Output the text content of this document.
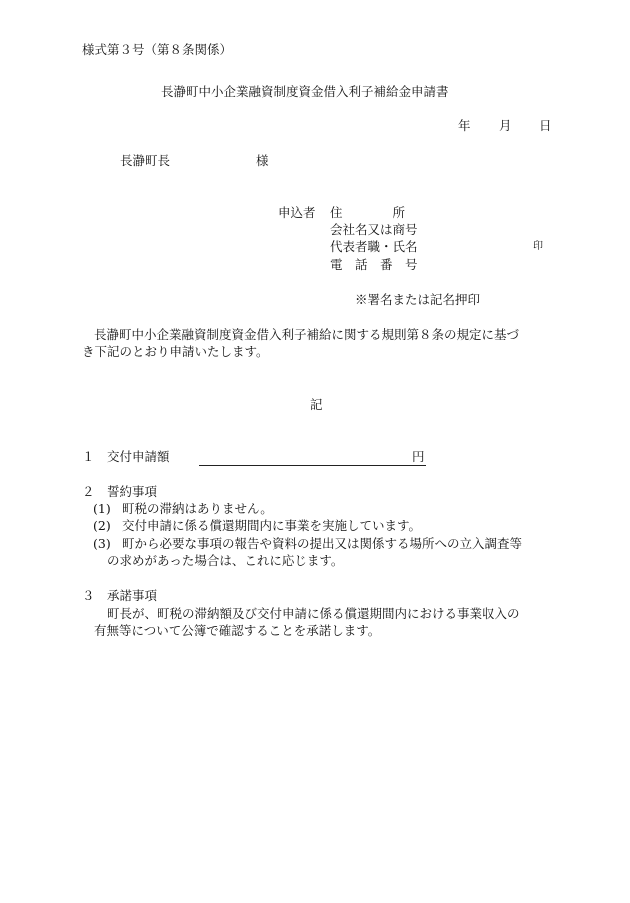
様式第３号（第８条関係）
長瀞町中小企業融資制度資金借入利子補給金申請書
年 月 日
長瀞町長	様
申込者 住　　　　所
会社名又は商号
代表者職・氏名	印
電　話　番　号
※署名または記名押印
長瀞町中小企業融資制度資金借入利子補給に関する規則第８条の規定に基づ
き下記のとおり申請いたします。
記
１ 交付申請額	円
２ 誓約事項
(1) 町税の滞納はありません。
(2) 交付申請に係る償還期間内に事業を実施しています。
(3) 町から必要な事項の報告や資料の提出又は関係する場所への立入調査等
の求めがあった場合は、これに応じます。
３ 承諾事項
町長が、町税の滞納額及び交付申請に係る償還期間内における事業収入の
有無等について公簿で確認することを承諾します。
